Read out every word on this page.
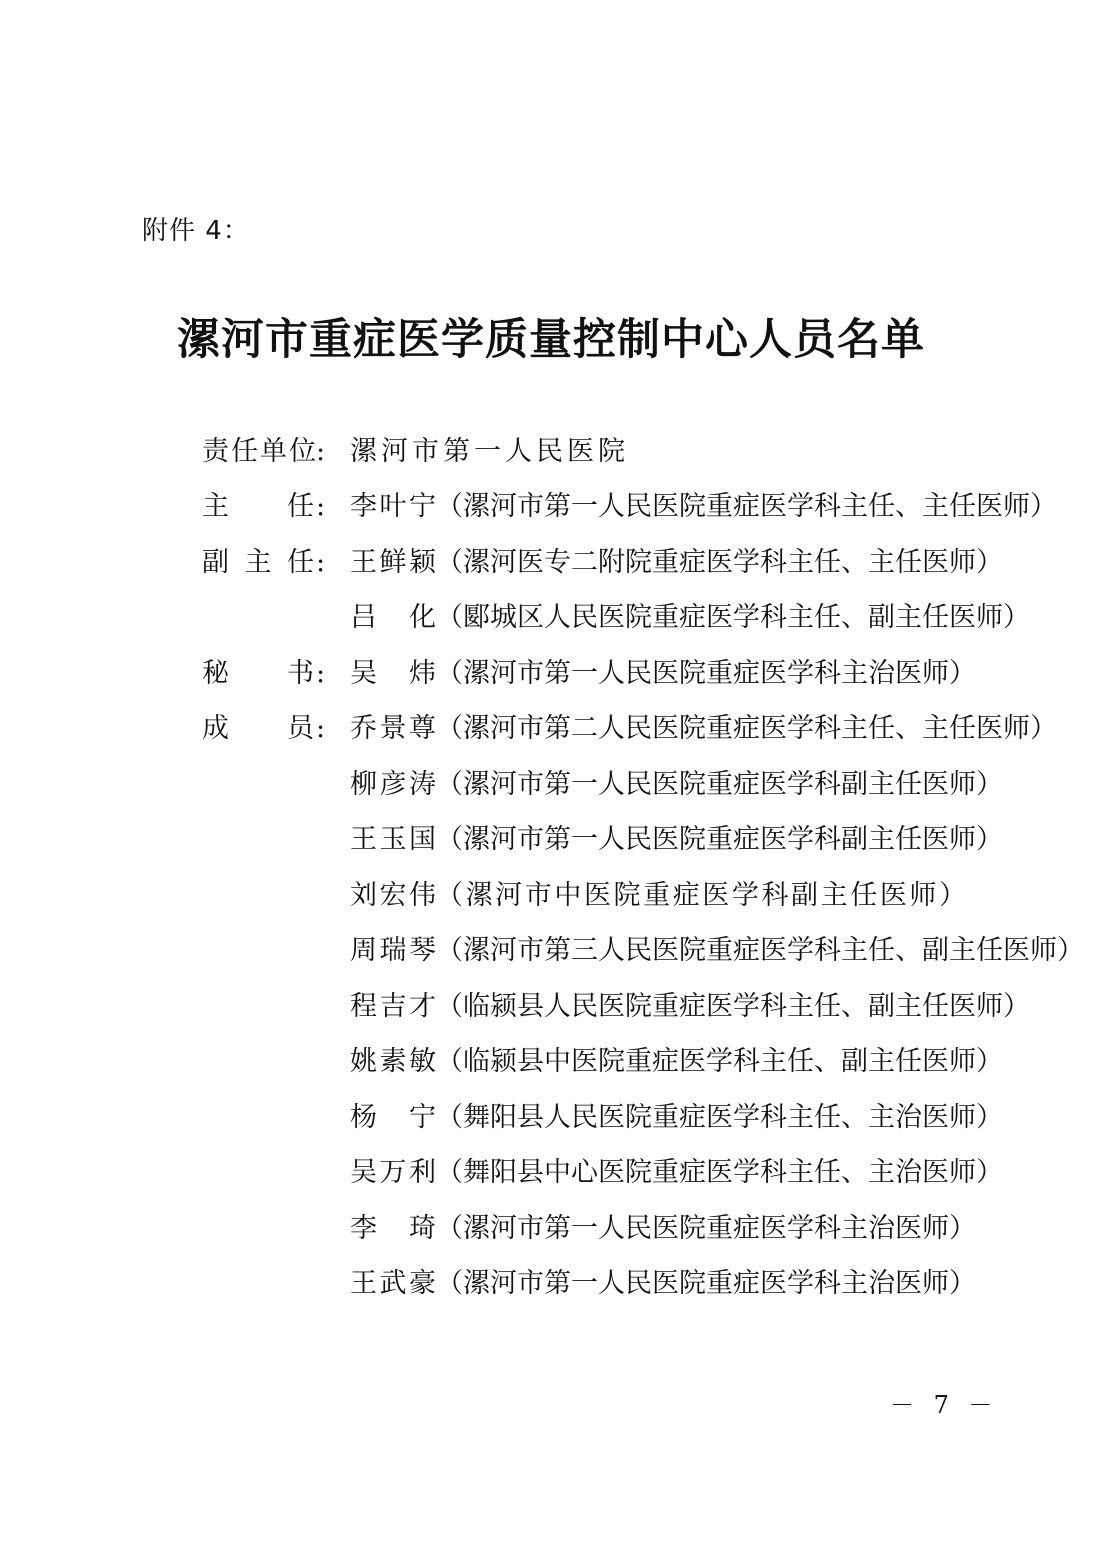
附件 4：
漯河市重症医学质量控制中心人员名单
责任单位
: 漯河市第一人民医院
主 任 : 李叶宁 （漯河市第一人民医院重症医学科主任、主任医师）
副 主 任 : 王鲜颖 （漯河医专二附院重症医学科主任、主任医师）
吕化 （郾城区人民医院重症医学科主任、副主任医师）
秘 书 : 吴炜 （漯河市第一人民医院重症医学科主治医师）
成 员 : 乔景尊 （漯河市第二人民医院重症医学科主任、主任医师）
柳彦涛 （漯河市第一人民医院重症医学科副主任医师）
王玉国 （漯河市第一人民医院重症医学科副主任医师）
刘宏伟 （漯河市中医院重症医学科副主任医师）
周瑞琴 （漯河市第三人民医院重症医学科主任、副主任医师）
程吉才 （临颍县人民医院重症医学科主任、副主任医师）
姚素敏 （临颍县中医院重症医学科主任、副主任医师）
杨宁 （舞阳县人民医院重症医学科主任、主治医师）
吴万利 （舞阳县中心医院重症医学科主任、主治医师）
李琦 （漯河市第一人民医院重症医学科主治医师）
王武豪 （漯河市第一人民医院重症医学科主治医师）
－ 7 －
